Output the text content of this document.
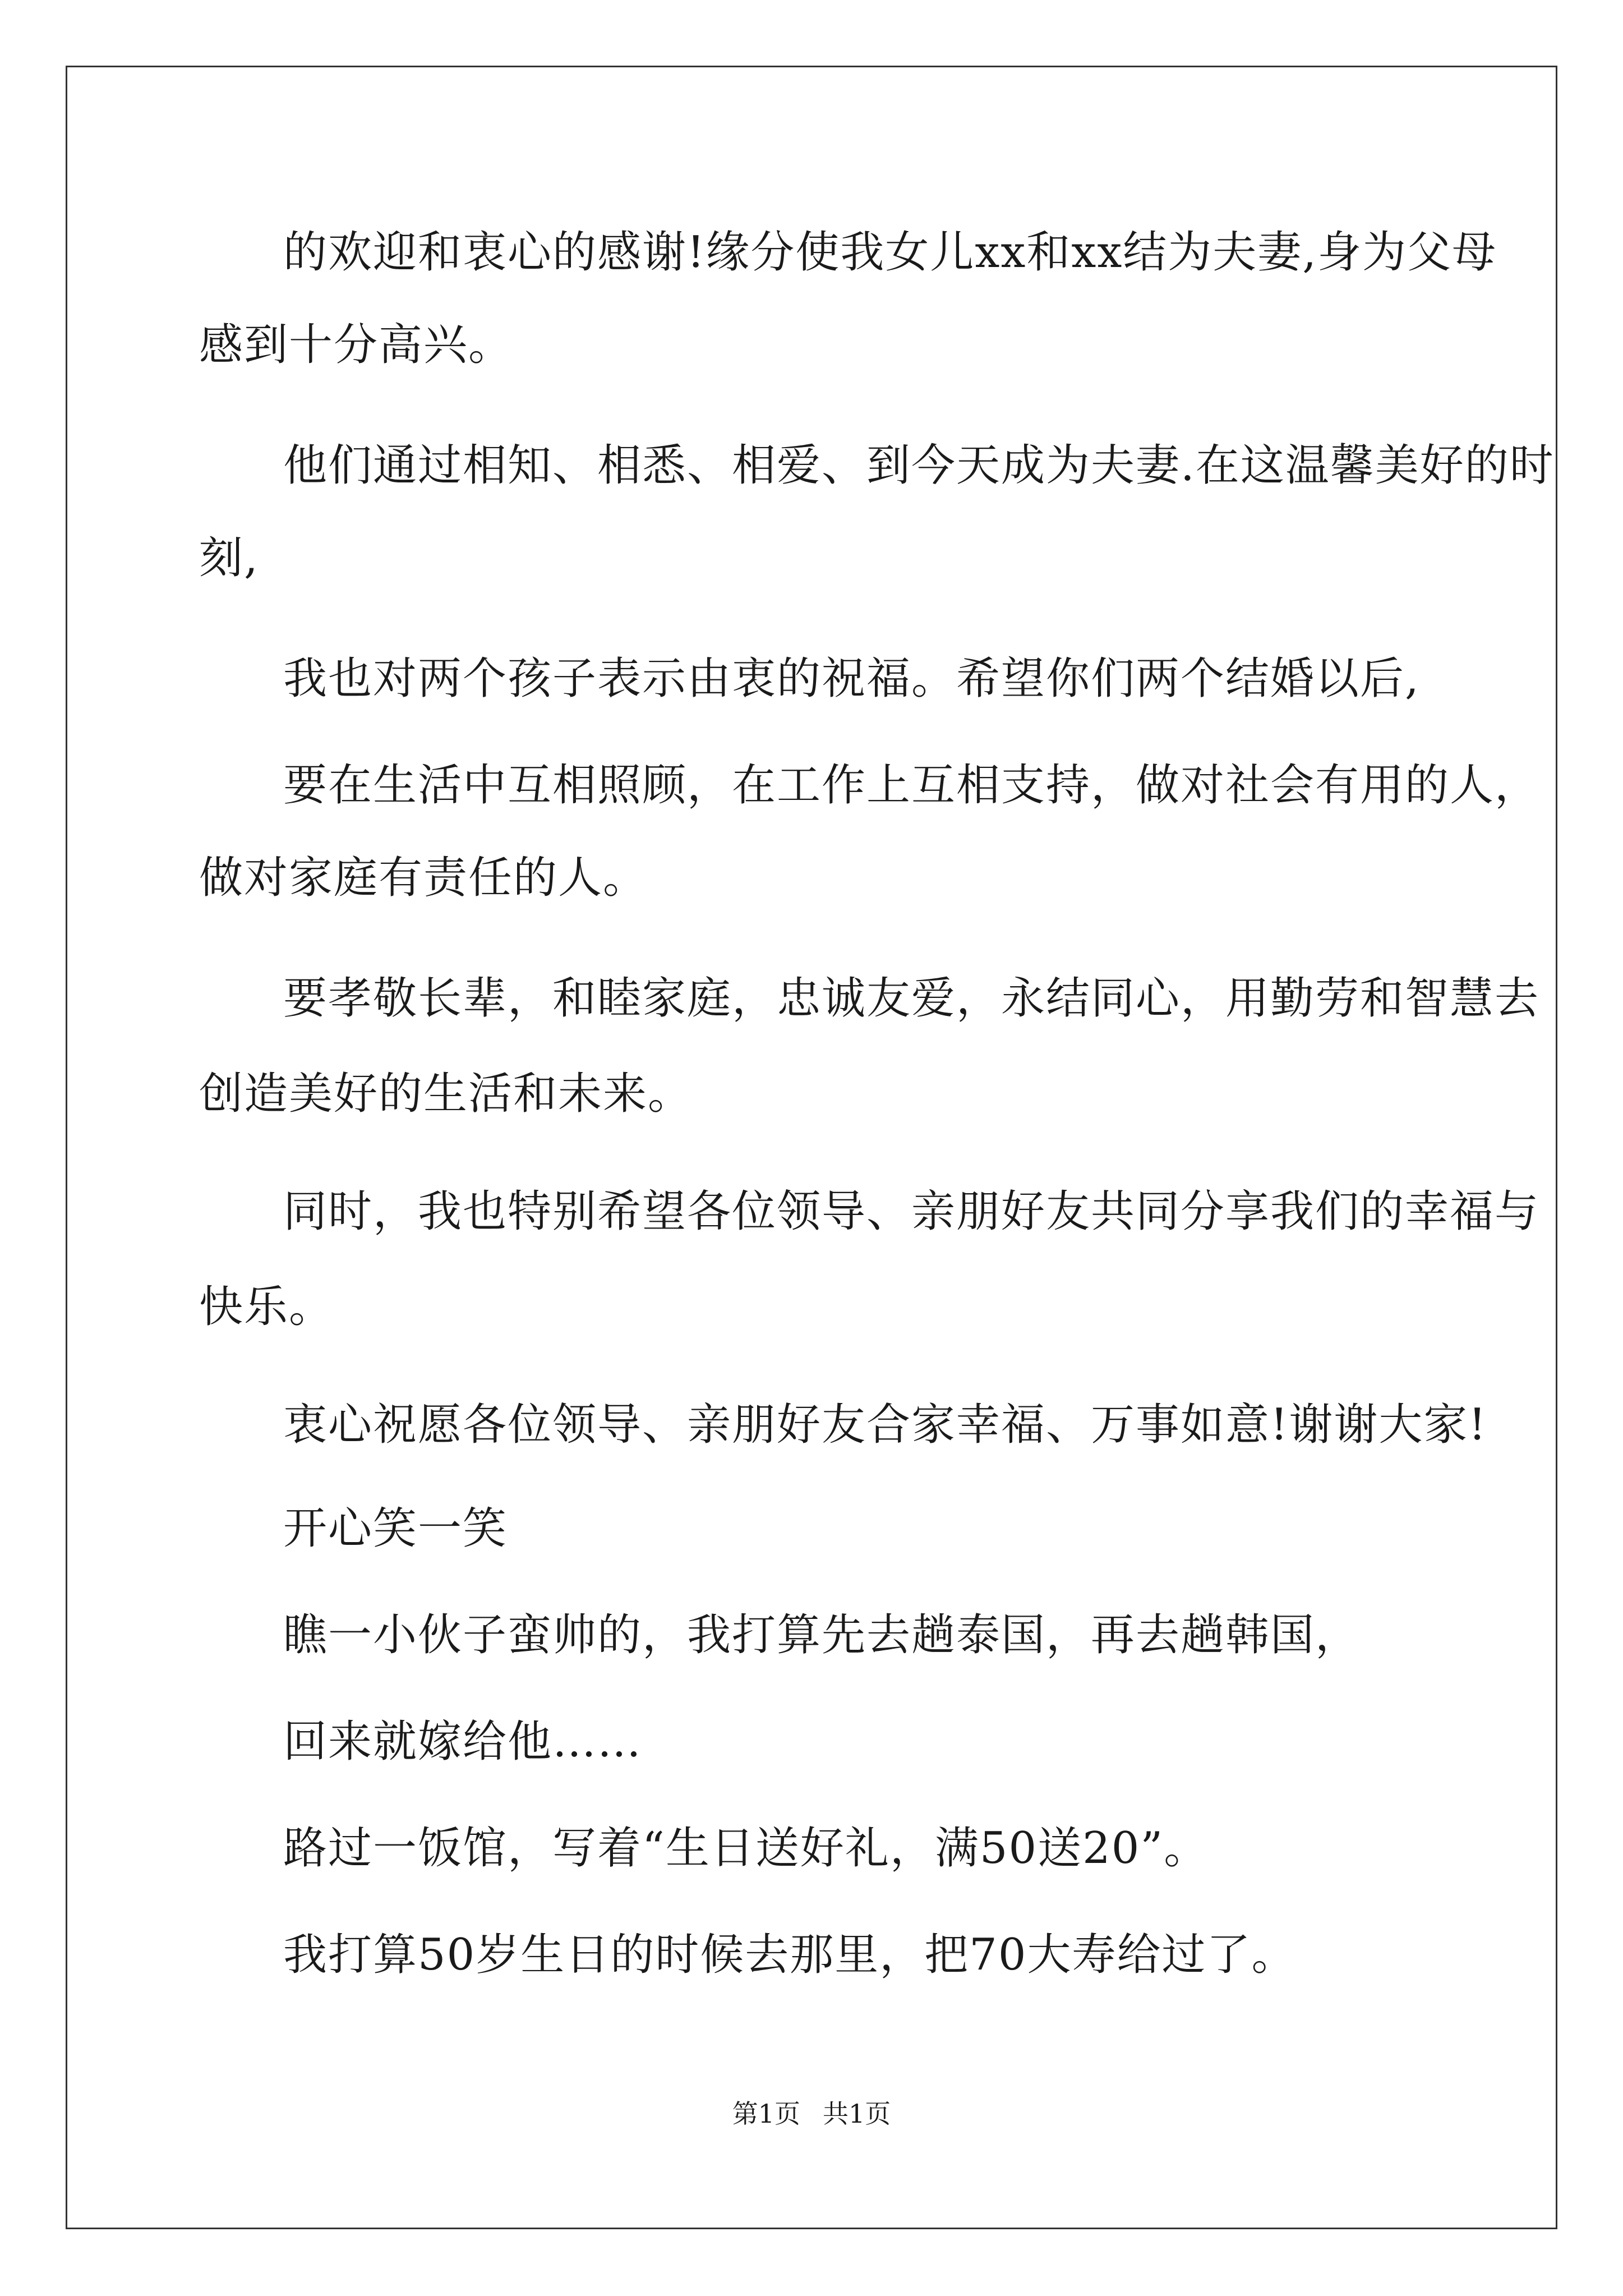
的欢迎和衷心的感谢!缘分使我女儿xx和xx结为夫妻,身为父母
感到十分高兴。
他们通过相知、相悉、相爱、到今天成为夫妻.在这温馨美好的时
刻,
我也对两个孩子表示由衷的祝福。希望你们两个结婚以后,
要在生活中互相照顾，在工作上互相支持，做对社会有用的人，
做对家庭有责任的人。
要孝敬长辈，和睦家庭，忠诚友爱，永结同心，用勤劳和智慧去
创造美好的生活和未来。
同时，我也特别希望各位领导、亲朋好友共同分享我们的幸福与
快乐。
衷心祝愿各位领导、亲朋好友合家幸福、万事如意!谢谢大家!
开心笑一笑
瞧一小伙子蛮帅的，我打算先去趟泰国，再去趟韩国，
回来就嫁给他……
路过一饭馆，写着“生日送好礼，满50送20”。
我打算50岁生日的时候去那里，把70大寿给过了。
第1页 共1页
